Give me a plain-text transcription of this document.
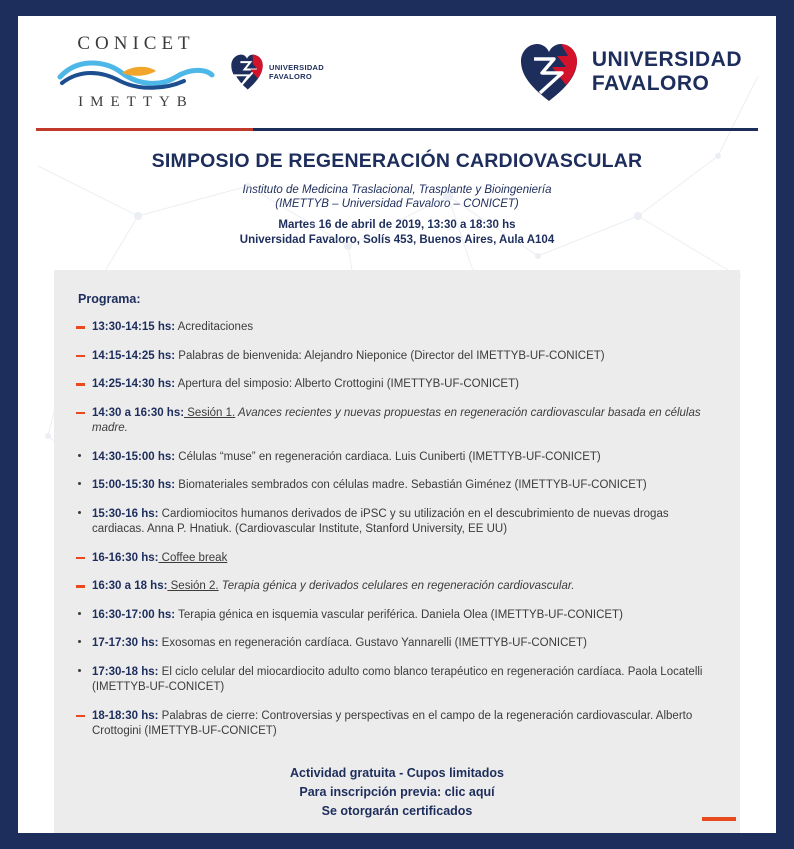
CONICET
IMETTYB
UNIVERSIDAD
FAVALORO
UNIVERSIDAD
FAVALORO
SIMPOSIO DE REGENERACIÓN CARDIOVASCULAR
Instituto de Medicina Traslacional, Trasplante y Bioingeniería
(IMETTYB – Universidad Favaloro – CONICET)
Martes 16 de abril de 2019, 13:30 a 18:30 hs
Universidad Favaloro, Solís 453, Buenos Aires, Aula A104
Programa:
13:30-14:15 hs: Acreditaciones
14:15-14:25 hs: Palabras de bienvenida: Alejandro Nieponice (Director del IMETTYB-UF-CONICET)
14:25-14:30 hs: Apertura del simposio: Alberto Crottogini (IMETTYB-UF-CONICET)
14:30 a 16:30 hs: Sesión 1. Avances recientes y nuevas propuestas en regeneración cardiovascular basada en células madre.
14:30-15:00 hs: Células “muse” en regeneración cardiaca. Luis Cuniberti (IMETTYB-UF-CONICET)
15:00-15:30 hs: Biomateriales sembrados con células madre. Sebastián Giménez (IMETTYB-UF-CONICET)
15:30-16 hs: Cardiomiocitos humanos derivados de iPSC y su utilización en el descubrimiento de nuevas drogas cardiacas. Anna P. Hnatiuk. (Cardiovascular Institute, Stanford University, EE UU)
16-16:30 hs: Coffee break
16:30 a 18 hs: Sesión 2. Terapia génica y derivados celulares en regeneración cardiovascular.
16:30-17:00 hs: Terapia génica en isquemia vascular periférica. Daniela Olea (IMETTYB-UF-CONICET)
17-17:30 hs: Exosomas en regeneración cardíaca. Gustavo Yannarelli (IMETTYB-UF-CONICET)
17:30-18 hs: El ciclo celular del miocardiocito adulto como blanco terapéutico en regeneración cardíaca. Paola Locatelli (IMETTYB-UF-CONICET)
18-18:30 hs: Palabras de cierre: Controversias y perspectivas en el campo de la regeneración cardiovascular. Alberto Crottogini (IMETTYB-UF-CONICET)
Actividad gratuita - Cupos limitados
Para inscripción previa: clic aquí
Se otorgarán certificados
